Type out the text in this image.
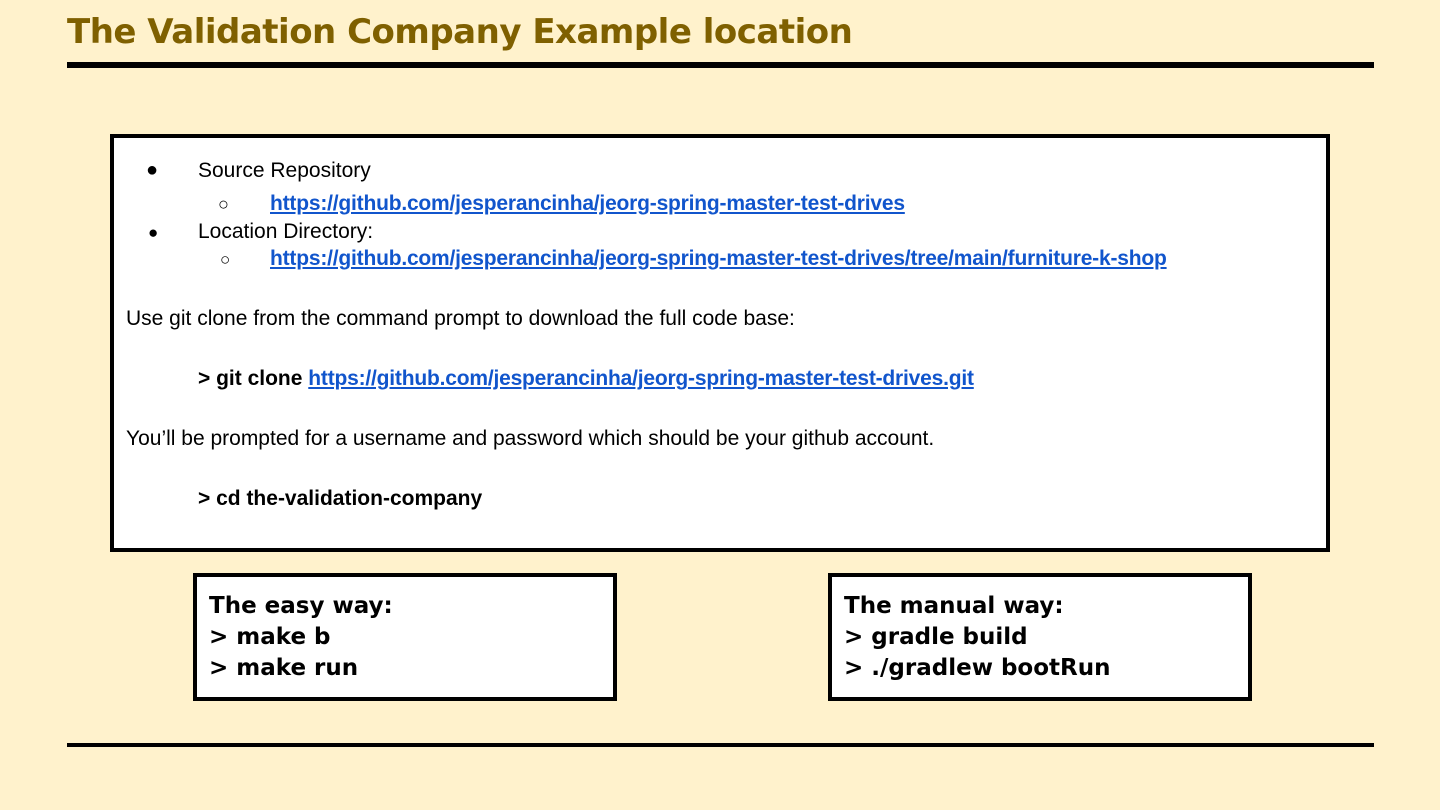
The Validation Company Example location
● Source Repository
○ https://github.com/jesperancinha/jeorg-spring-master-test-drives
● Location Directory:
○ https://github.com/jesperancinha/jeorg-spring-master-test-drives/tree/main/furniture-k-shop
Use git clone from the command prompt to download the full code base:
> git clone https://github.com/jesperancinha/jeorg-spring-master-test-drives.git
You’ll be prompted for a username and password which should be your github account.
> cd the-validation-company
The easy way:
> make b
> make run
The manual way:
> gradle build
> ./gradlew bootRun
